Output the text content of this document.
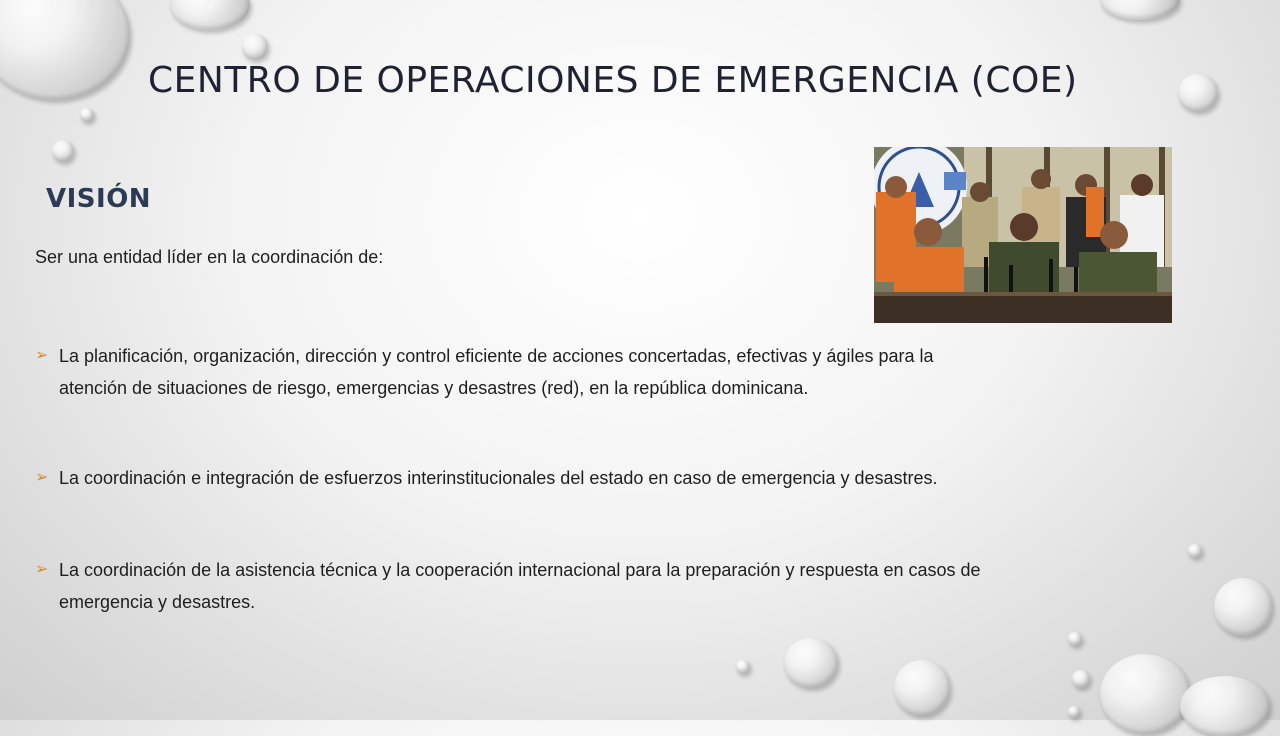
CENTRO DE OPERACIONES DE EMERGENCIA (COE)
VISIÓN
Ser una entidad líder en la coordinación de:
➢ La planificación, organización, dirección y control eficiente de acciones concertadas, efectivas y ágiles para la
atención de situaciones de riesgo, emergencias y desastres (red), en la república dominicana.
➢ La coordinación e integración de esfuerzos interinstitucionales del estado en caso de emergencia y desastres.
➢ La coordinación de la asistencia técnica y la cooperación internacional para la preparación y respuesta en casos de
emergencia y desastres.
